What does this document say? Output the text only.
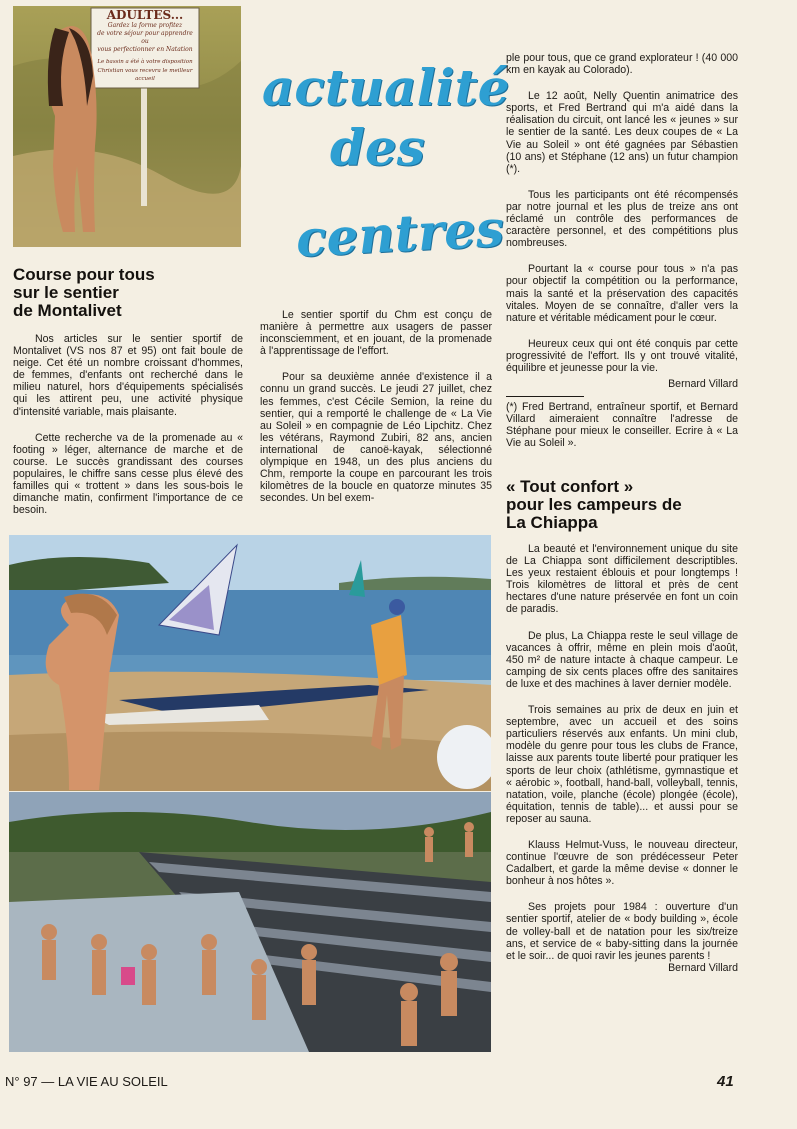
ADULTES...
Gardez la forme profitez
de votre séjour pour apprendre ou
vous perfectionner en Natation
Le bassin a été à votre disposition
Christian vous recevra le meilleur accueil	actualité
des
centres
Course pour tous
sur le sentier
de Montalivet

Nos articles sur le sentier sportif de Montalivet (VS nos 87 et 95) ont fait boule de neige. Cet été un nombre croissant d'hommes, de femmes, d'enfants ont recherché dans le milieu naturel, hors d'équipements spécialisés qui les attirent peu, une activité physique d'intensité variable, mais plaisante.

Cette recherche va de la promenade au « footing » léger, alternance de marche et de course. Le succès grandissant des courses populaires, le chiffre sans cesse plus élevé des familles qui « trottent » dans les sous-bois le dimanche matin, confirment l'importance de ce besoin.

Le sentier sportif du Chm est conçu de manière à permettre aux usagers de passer inconsciemment, et en jouant, de la promenade à l'apprentissage de l'effort.

Pour sa deuxième année d'existence il a connu un grand succès. Le jeudi 27 juillet, chez les femmes, c'est Cécile Semion, la reine du sentier, qui a remporté le challenge de « La Vie au Soleil » en compagnie de Léo Lipchitz. Chez les vétérans, Raymond Zubiri, 82 ans, ancien international de canoë-kayak, sélectionné olympique en 1948, un des plus anciens du Chm, remporte la coupe en parcourant les trois kilomètres de la boucle en quatorze minutes 35 secondes. Un bel exem-

ple pour tous, que ce grand explorateur ! (40 000 km en kayak au Colorado).

Le 12 août, Nelly Quentin animatrice des sports, et Fred Bertrand qui m'a aidé dans la réalisation du circuit, ont lancé les « jeunes » sur le sentier de la santé. Les deux coupes de « La Vie au Soleil » ont été gagnées par Sébastien (10 ans) et Stéphane (12 ans) un futur champion (*).

Tous les participants ont été récompensés par notre journal et les plus de treize ans ont réclamé un contrôle des performances de caractère personnel, et des compétitions plus nombreuses.

Pourtant la « course pour tous » n'a pas pour objectif la compétition ou la performance, mais la santé et la préservation des capacités vitales. Moyen de se connaître, d'aller vers la nature et véritable médicament pour le cœur.

Heureux ceux qui ont été conquis par cette progressivité de l'effort. Ils y ont trouvé vitalité, équilibre et jeunesse pour la vie.

Bernard Villard

(*) Fred Bertrand, entraîneur sportif, et Bernard Villard aimeraient connaître l'adresse de Stéphane pour mieux le conseiller. Ecrire à « La Vie au Soleil ».

« Tout confort »
pour les campeurs de
La Chiappa

La beauté et l'environnement unique du site de La Chiappa sont difficilement descriptibles. Les yeux restaient éblouis et pour longtemps ! Trois kilomètres de littoral et près de cent hectares d'une nature préservée en font un coin de paradis.

De plus, La Chiappa reste le seul village de vacances à offrir, même en plein mois d'août, 450 m² de nature intacte à chaque campeur. Le camping de six cents places offre des sanitaires de luxe et des machines à laver dernier modèle.

Trois semaines au prix de deux en juin et septembre, avec un accueil et des soins particuliers réservés aux enfants. Un mini club, modèle du genre pour tous les clubs de France, laisse aux parents toute liberté pour pratiquer les sports de leur choix (athlétisme, gymnastique et « aérobic », football, hand-ball, volleyball, tennis, natation, voile, planche (école) plongée (école), équitation, tennis de table)... et aussi pour se reposer au sauna.

Klauss Helmut-Vuss, le nouveau directeur, continue l'œuvre de son prédécesseur Peter Cadalbert, et garde la même devise « donner le bonheur à nos hôtes ».

Ses projets pour 1984 : ouverture d'un sentier sportif, atelier de « body building », école de volley-ball et de natation pour les six/treize ans, et service de « baby-sitting dans la journée et le soir... de quoi ravir les jeunes parents !

Bernard Villard
N° 97 — LA VIE AU SOLEIL	41
